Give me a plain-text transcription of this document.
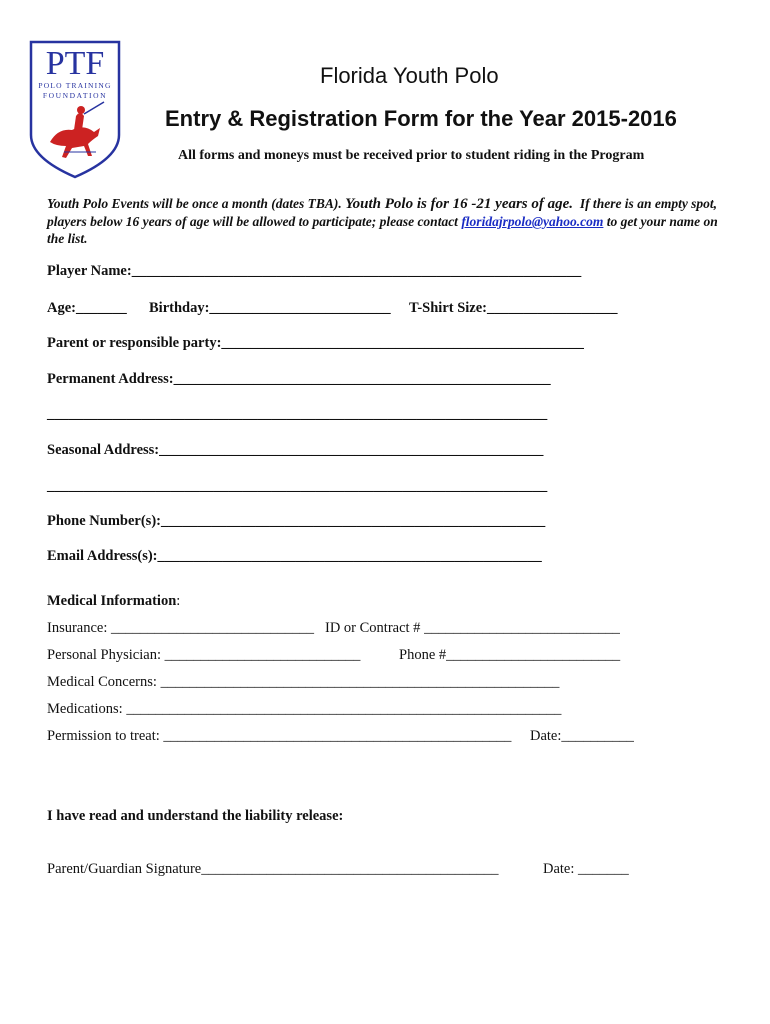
PTF
POLO TRAINING
FOUNDATION
Florida Youth Polo
Entry & Registration Form for the Year 2015-2016
All forms and moneys must be received prior to student riding in the Program
Youth Polo Events will be once a month (dates TBA). Youth Polo is for 16 -21 years of age. If there is an empty spot, players below 16 years of age will be allowed to participate; please contact floridajrpolo@yahoo.com to get your name on the list.
Player Name:______________________________________________________________
Age:_______ Birthday:_________________________ T-Shirt Size:__________________
Parent or responsible party:__________________________________________________
Permanent Address:____________________________________________________
_____________________________________________________________________
Seasonal Address:_____________________________________________________
_____________________________________________________________________
Phone Number(s):_____________________________________________________
Email Address(s):_____________________________________________________
Medical Information:
Insurance: ____________________________ ID or Contract # ___________________________
Personal Physician: ___________________________	Phone #________________________
Medical Concerns: _______________________________________________________
Medications: ____________________________________________________________
Permission to treat: ________________________________________________ Date:__________
I have read and understand the liability release:
Parent/Guardian Signature_________________________________________	Date: _______
